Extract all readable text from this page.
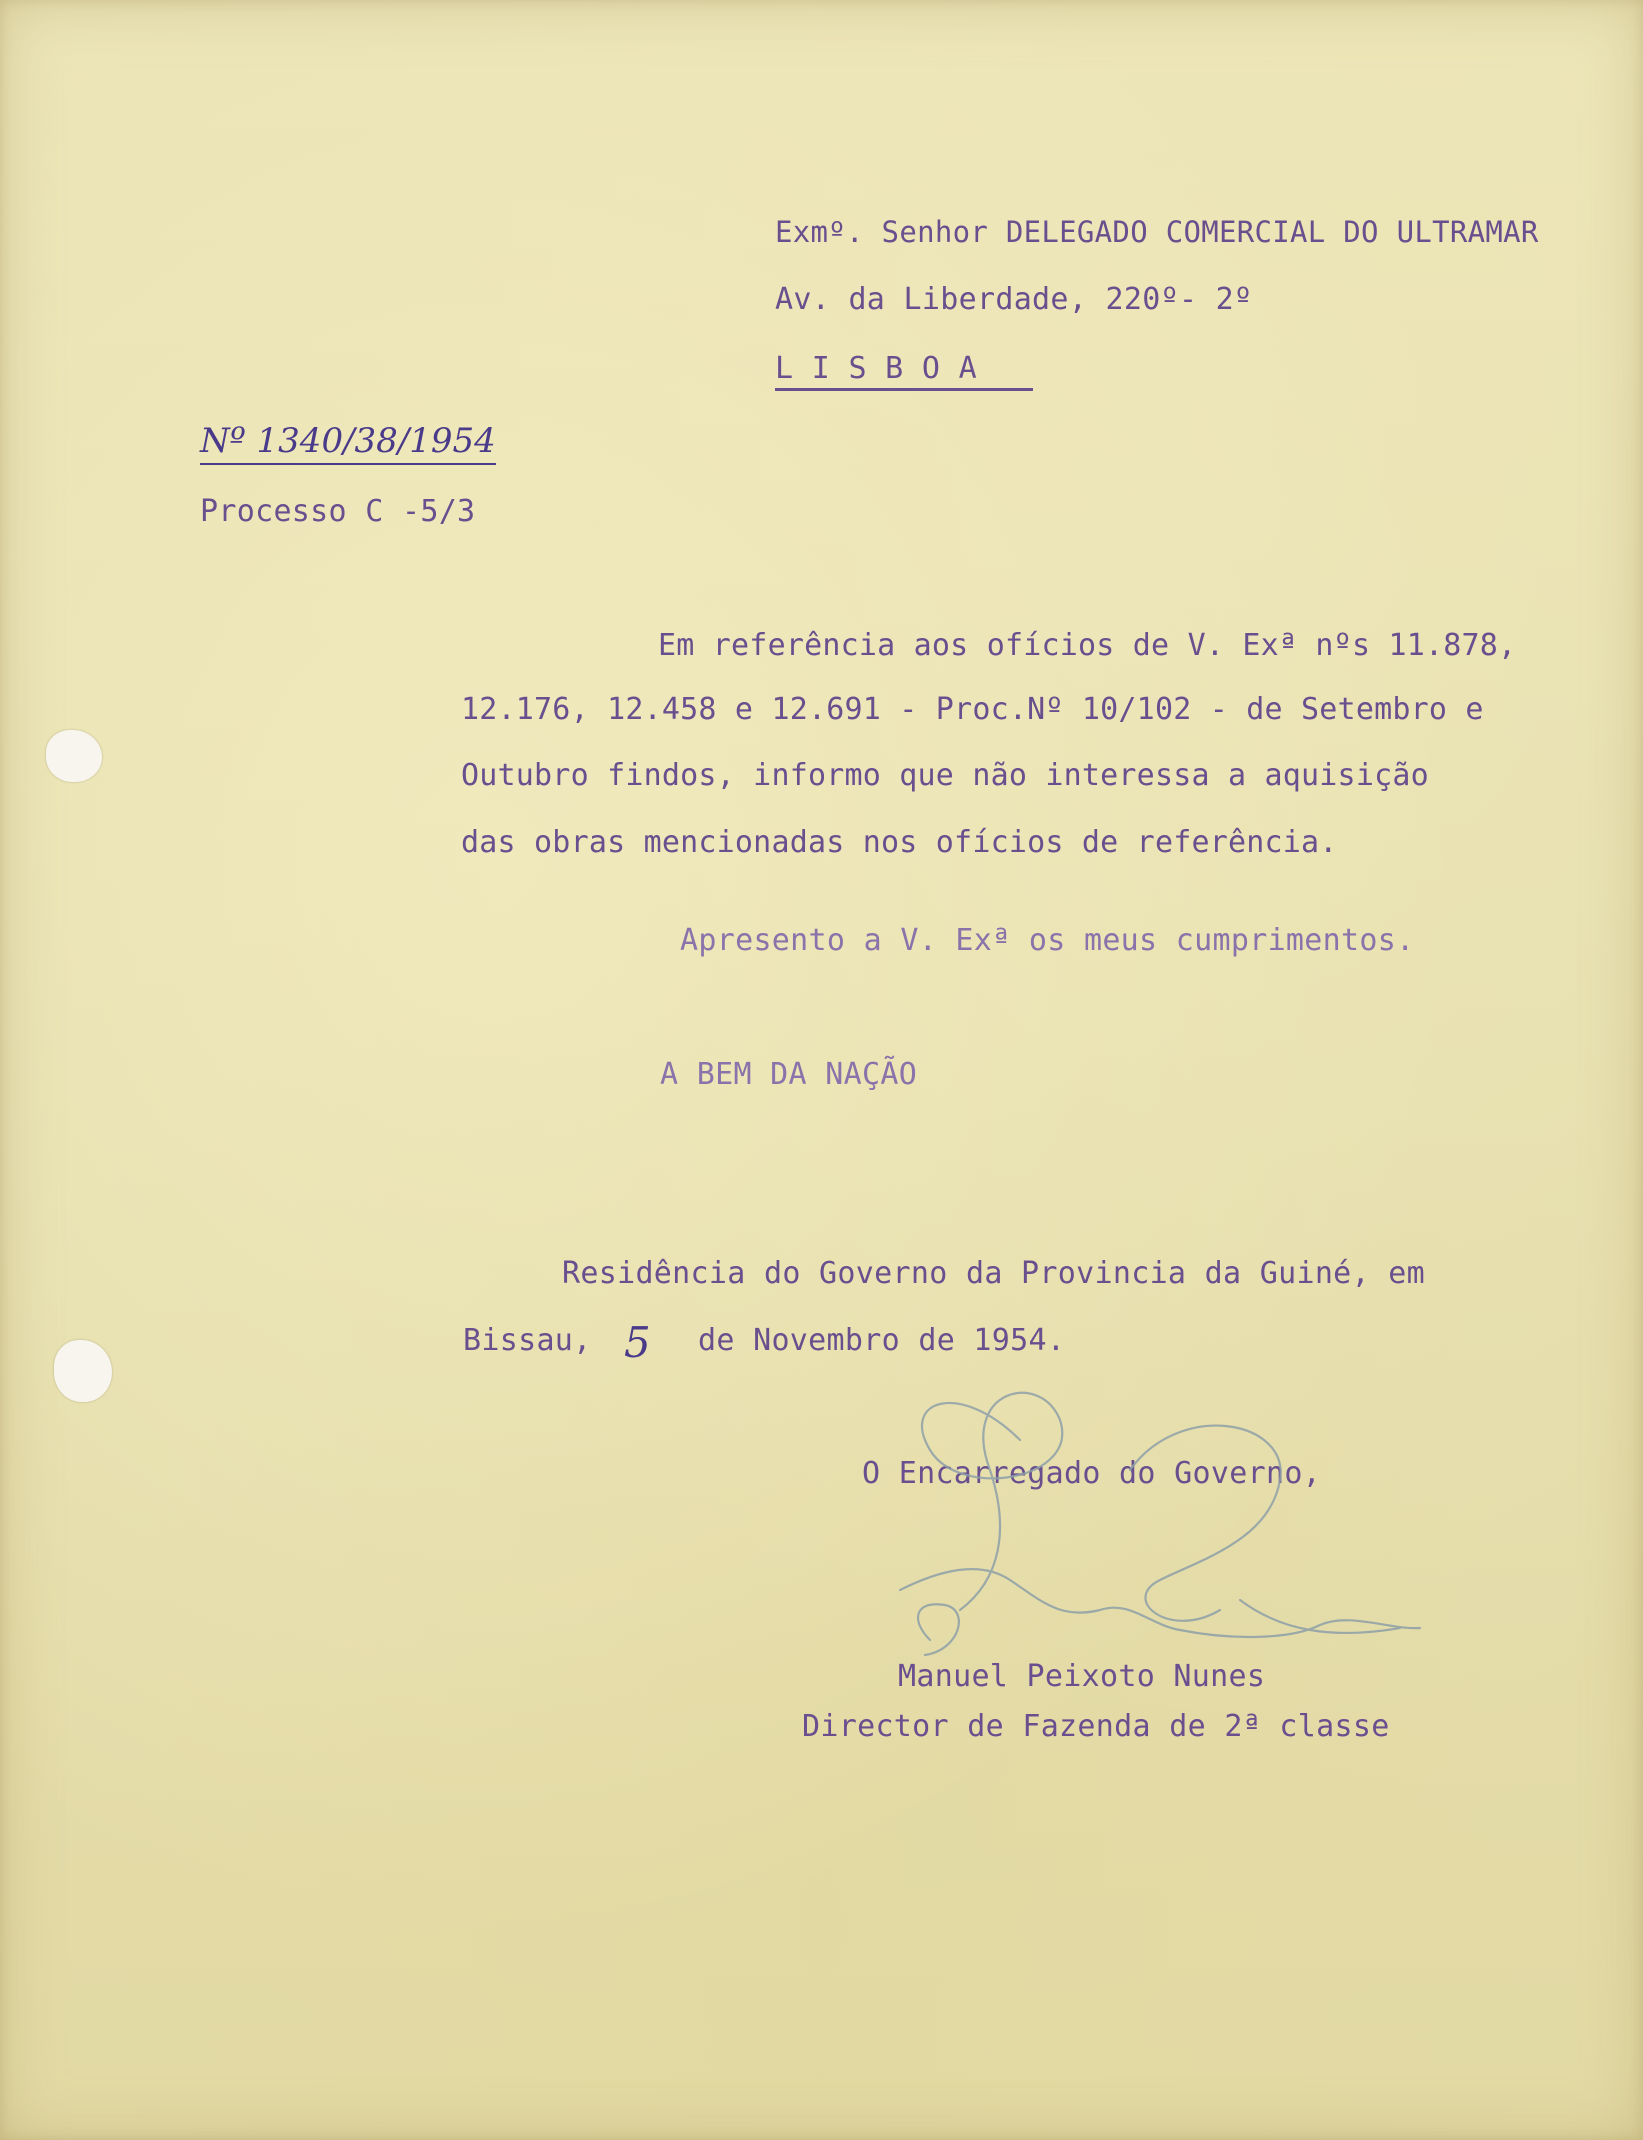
Exmº. Senhor DELEGADO COMERCIAL DO ULTRAMAR
Av. da Liberdade, 220º- 2º
L I S B O A
Nº 1340/38/1954
Processo C -5/3
Em referência aos ofícios de V. Exª nºs 11.878,
12.176, 12.458 e 12.691 - Proc.Nº 10/102 - de Setembro e
Outubro findos, informo que não interessa a aquisição
das obras mencionadas nos ofícios de referência.
Apresento a V. Exª os meus cumprimentos.
A BEM DA NAÇÃO
Residência do Governo da Provincia da Guiné, em
Bissau, 5 de Novembro de 1954.
O Encarregado do Governo,
Manuel Peixoto Nunes
Director de Fazenda de 2ª classe
